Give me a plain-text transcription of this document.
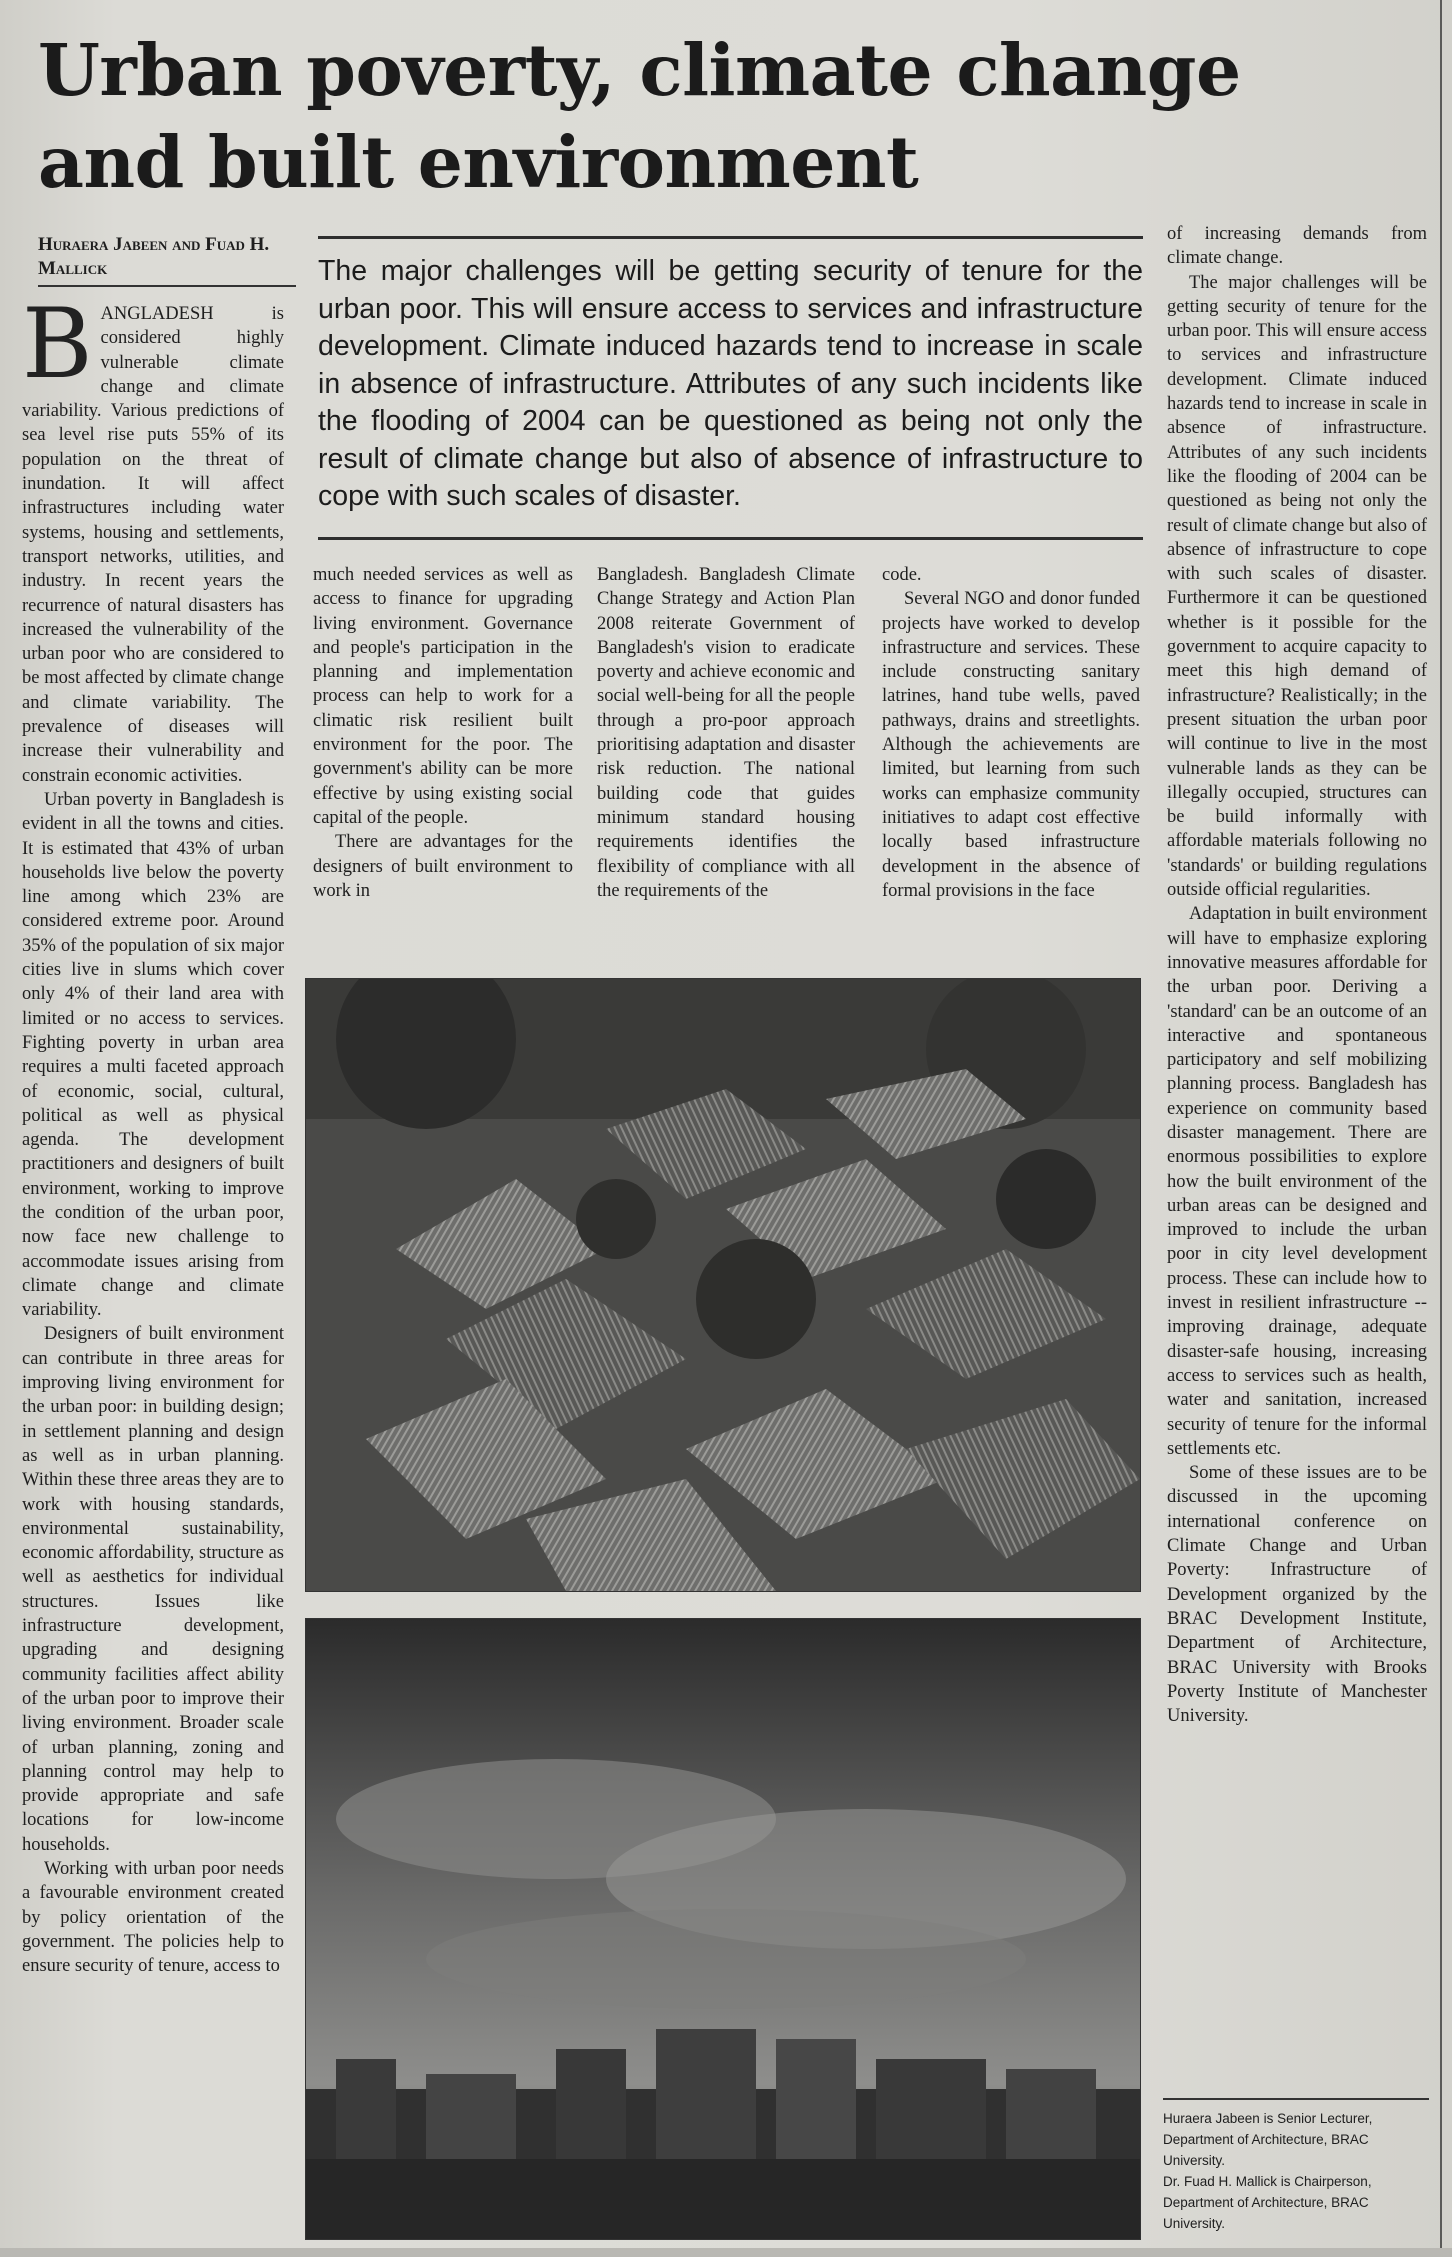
Urban poverty, climate change and built environment
Huraera Jabeen and Fuad H. Mallick

BANGLADESH is considered highly vulnerable climate change and climate variability. Various predictions of sea level rise puts 55% of its population on the threat of inundation. It will affect infrastructures including water systems, housing and settlements, transport networks, utilities, and industry. In recent years the recurrence of natural disasters has increased the vulnerability of the urban poor who are considered to be most affected by climate change and climate variability. The prevalence of diseases will increase their vulnerability and constrain economic activities.

Urban poverty in Bangladesh is evident in all the towns and cities. It is estimated that 43% of urban households live below the poverty line among which 23% are considered extreme poor. Around 35% of the population of six major cities live in slums which cover only 4% of their land area with limited or no access to services. Fighting poverty in urban area requires a multi faceted approach of economic, social, cultural, political as well as physical agenda. The development practitioners and designers of built environment, working to improve the condition of the urban poor, now face new challenge to accommodate issues arising from climate change and climate variability.

Designers of built environment can contribute in three areas for improving living environment for the urban poor: in building design; in settlement planning and design as well as in urban planning. Within these three areas they are to work with housing standards, environmental sustainability, economic affordability, structure as well as aesthetics for individual structures. Issues like infrastructure development, upgrading and designing community facilities affect ability of the urban poor to improve their living environment. Broader scale of urban planning, zoning and planning control may help to provide appropriate and safe locations for low-income households.

Working with urban poor needs a favourable environment created by policy orientation of the government. The policies help to ensure security of tenure, access to

The major challenges will be getting security of tenure for the urban poor. This will ensure access to services and infrastructure development. Climate induced hazards tend to increase in scale in absence of infrastructure. Attributes of any such incidents like the flooding of 2004 can be questioned as being not only the result of climate change but also of absence of infrastructure to cope with such scales of disaster.

much needed services as well as access to finance for upgrading living environment. Governance and people's participation in the planning and implementation process can help to work for a climatic risk resilient built environment for the poor. The government's ability can be more effective by using existing social capital of the people.

There are advantages for the designers of built environment to work in

Bangladesh. Bangladesh Climate Change Strategy and Action Plan 2008 reiterate Government of Bangladesh's vision to eradicate poverty and achieve economic and social well-being for all the people through a pro-poor approach prioritising adaptation and disaster risk reduction. The national building code that guides minimum standard housing requirements identifies the flexibility of compliance with all the requirements of the

code.

Several NGO and donor funded projects have worked to develop infrastructure and services. These include constructing sanitary latrines, hand tube wells, paved pathways, drains and streetlights. Although the achievements are limited, but learning from such works can emphasize community initiatives to adapt cost effective locally based infrastructure development in the absence of formal provisions in the face

of increasing demands from climate change.

The major challenges will be getting security of tenure for the urban poor. This will ensure access to services and infrastructure development. Climate induced hazards tend to increase in scale in absence of infrastructure. Attributes of any such incidents like the flooding of 2004 can be questioned as being not only the result of climate change but also of absence of infrastructure to cope with such scales of disaster. Furthermore it can be questioned whether is it possible for the government to acquire capacity to meet this high demand of infrastructure? Realistically; in the present situation the urban poor will continue to live in the most vulnerable lands as they can be illegally occupied, structures can be build informally with affordable materials following no 'standards' or building regulations outside official regularities.

Adaptation in built environment will have to emphasize exploring innovative measures affordable for the urban poor. Deriving a 'standard' can be an outcome of an interactive and spontaneous participatory and self mobilizing planning process. Bangladesh has experience on community based disaster management. There are enormous possibilities to explore how the built environment of the urban areas can be designed and improved to include the urban poor in city level development process. These can include how to invest in resilient infrastructure -- improving drainage, adequate disaster-safe housing, increasing access to services such as health, water and sanitation, increased security of tenure for the informal settlements etc.

Some of these issues are to be discussed in the upcoming international conference on Climate Change and Urban Poverty: Infrastructure of Development organized by the BRAC Development Institute, Department of Architecture, BRAC University with Brooks Poverty Institute of Manchester University.

Huraera Jabeen is Senior Lecturer, Department of Architecture, BRAC University.

Dr. Fuad H. Mallick is Chairperson, Department of Architecture, BRAC University.
